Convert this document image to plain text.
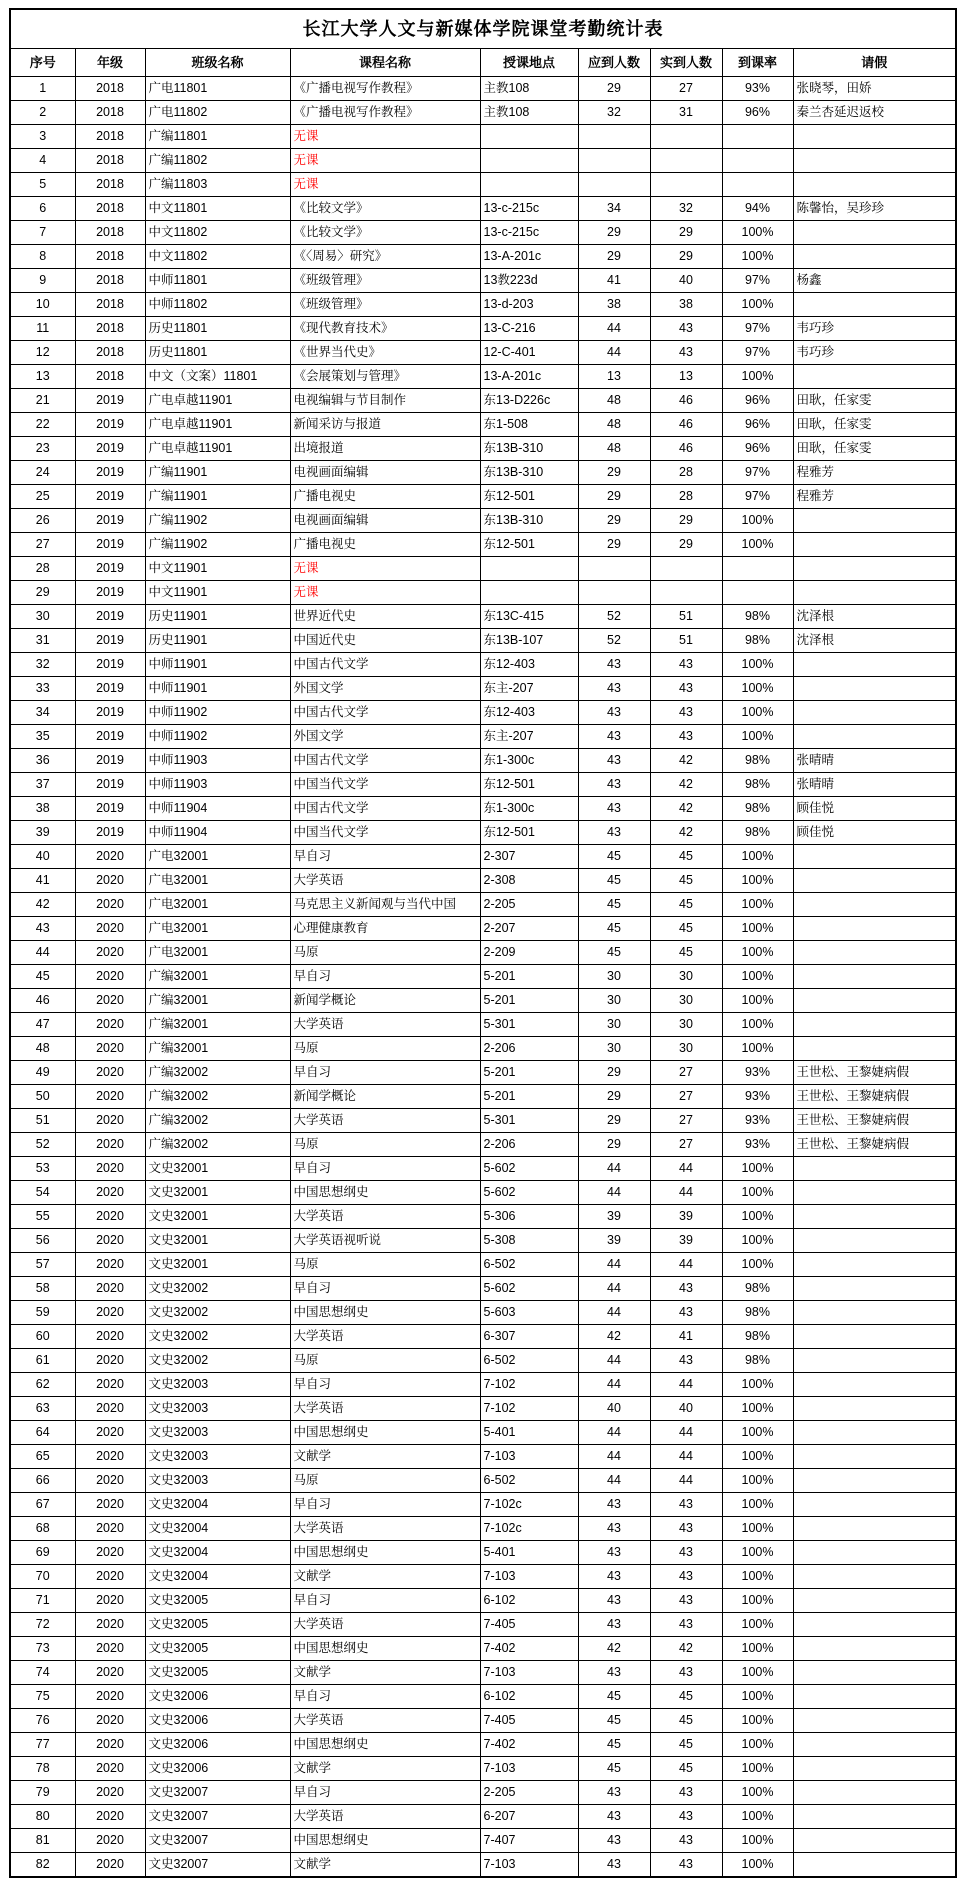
长江大学人文与新媒体学院课堂考勤统计表								
序号	年级	班级名称	课程名称	授课地点	应到人数	实到人数	到课率	请假
1	2018	广电11801	《广播电视写作教程》	主教108	29	27	93%	张晓琴，田娇
2	2018	广电11802	《广播电视写作教程》	主教108	32	31	96%	秦兰杏延迟返校
3	2018	广编11801	无课					
4	2018	广编11802	无课					
5	2018	广编11803	无课					
6	2018	中文11801	《比较文学》	13-c-215c	34	32	94%	陈馨怡，吴珍珍
7	2018	中文11802	《比较文学》	13-c-215c	29	29	100%	
8	2018	中文11802	《〈周易〉研究》	13-A-201c	29	29	100%	
9	2018	中师11801	《班级管理》	13教223d	41	40	97%	杨鑫
10	2018	中师11802	《班级管理》	13-d-203	38	38	100%	
11	2018	历史11801	《现代教育技术》	13-C-216	44	43	97%	韦巧珍
12	2018	历史11801	《世界当代史》	12-C-401	44	43	97%	韦巧珍
13	2018	中文（文案）11801	《会展策划与管理》	13-A-201c	13	13	100%	
21	2019	广电卓越11901	电视编辑与节目制作	东13-D226c	48	46	96%	田耿，任家雯
22	2019	广电卓越11901	新闻采访与报道	东1-508	48	46	96%	田耿，任家雯
23	2019	广电卓越11901	出境报道	东13B-310	48	46	96%	田耿，任家雯
24	2019	广编11901	电视画面编辑	东13B-310	29	28	97%	程雅芳
25	2019	广编11901	广播电视史	东12-501	29	28	97%	程雅芳
26	2019	广编11902	电视画面编辑	东13B-310	29	29	100%	
27	2019	广编11902	广播电视史	东12-501	29	29	100%	
28	2019	中文11901	无课					
29	2019	中文11901	无课					
30	2019	历史11901	世界近代史	东13C-415	52	51	98%	沈泽根
31	2019	历史11901	中国近代史	东13B-107	52	51	98%	沈泽根
32	2019	中师11901	中国古代文学	东12-403	43	43	100%	
33	2019	中师11901	外国文学	东主-207	43	43	100%	
34	2019	中师11902	中国古代文学	东12-403	43	43	100%	
35	2019	中师11902	外国文学	东主-207	43	43	100%	
36	2019	中师11903	中国古代文学	东1-300c	43	42	98%	张晴晴
37	2019	中师11903	中国当代文学	东12-501	43	42	98%	张晴晴
38	2019	中师11904	中国古代文学	东1-300c	43	42	98%	顾佳悦
39	2019	中师11904	中国当代文学	东12-501	43	42	98%	顾佳悦
40	2020	广电32001	早自习	2-307	45	45	100%	
41	2020	广电32001	大学英语	2-308	45	45	100%	
42	2020	广电32001	马克思主义新闻观与当代中国	2-205	45	45	100%	
43	2020	广电32001	心理健康教育	2-207	45	45	100%	
44	2020	广电32001	马原	2-209	45	45	100%	
45	2020	广编32001	早自习	5-201	30	30	100%	
46	2020	广编32001	新闻学概论	5-201	30	30	100%	
47	2020	广编32001	大学英语	5-301	30	30	100%	
48	2020	广编32001	马原	2-206	30	30	100%	
49	2020	广编32002	早自习	5-201	29	27	93%	王世松、王黎婕病假
50	2020	广编32002	新闻学概论	5-201	29	27	93%	王世松、王黎婕病假
51	2020	广编32002	大学英语	5-301	29	27	93%	王世松、王黎婕病假
52	2020	广编32002	马原	2-206	29	27	93%	王世松、王黎婕病假
53	2020	文史32001	早自习	5-602	44	44	100%	
54	2020	文史32001	中国思想纲史	5-602	44	44	100%	
55	2020	文史32001	大学英语	5-306	39	39	100%	
56	2020	文史32001	大学英语视听说	5-308	39	39	100%	
57	2020	文史32001	马原	6-502	44	44	100%	
58	2020	文史32002	早自习	5-602	44	43	98%	
59	2020	文史32002	中国思想纲史	5-603	44	43	98%	
60	2020	文史32002	大学英语	6-307	42	41	98%	
61	2020	文史32002	马原	6-502	44	43	98%	
62	2020	文史32003	早自习	7-102	44	44	100%	
63	2020	文史32003	大学英语	7-102	40	40	100%	
64	2020	文史32003	中国思想纲史	5-401	44	44	100%	
65	2020	文史32003	文献学	7-103	44	44	100%	
66	2020	文史32003	马原	6-502	44	44	100%	
67	2020	文史32004	早自习	7-102c	43	43	100%	
68	2020	文史32004	大学英语	7-102c	43	43	100%	
69	2020	文史32004	中国思想纲史	5-401	43	43	100%	
70	2020	文史32004	文献学	7-103	43	43	100%	
71	2020	文史32005	早自习	6-102	43	43	100%	
72	2020	文史32005	大学英语	7-405	43	43	100%	
73	2020	文史32005	中国思想纲史	7-402	42	42	100%	
74	2020	文史32005	文献学	7-103	43	43	100%	
75	2020	文史32006	早自习	6-102	45	45	100%	
76	2020	文史32006	大学英语	7-405	45	45	100%	
77	2020	文史32006	中国思想纲史	7-402	45	45	100%	
78	2020	文史32006	文献学	7-103	45	45	100%	
79	2020	文史32007	早自习	2-205	43	43	100%	
80	2020	文史32007	大学英语	6-207	43	43	100%	
81	2020	文史32007	中国思想纲史	7-407	43	43	100%	
82	2020	文史32007	文献学	7-103	43	43	100%	
